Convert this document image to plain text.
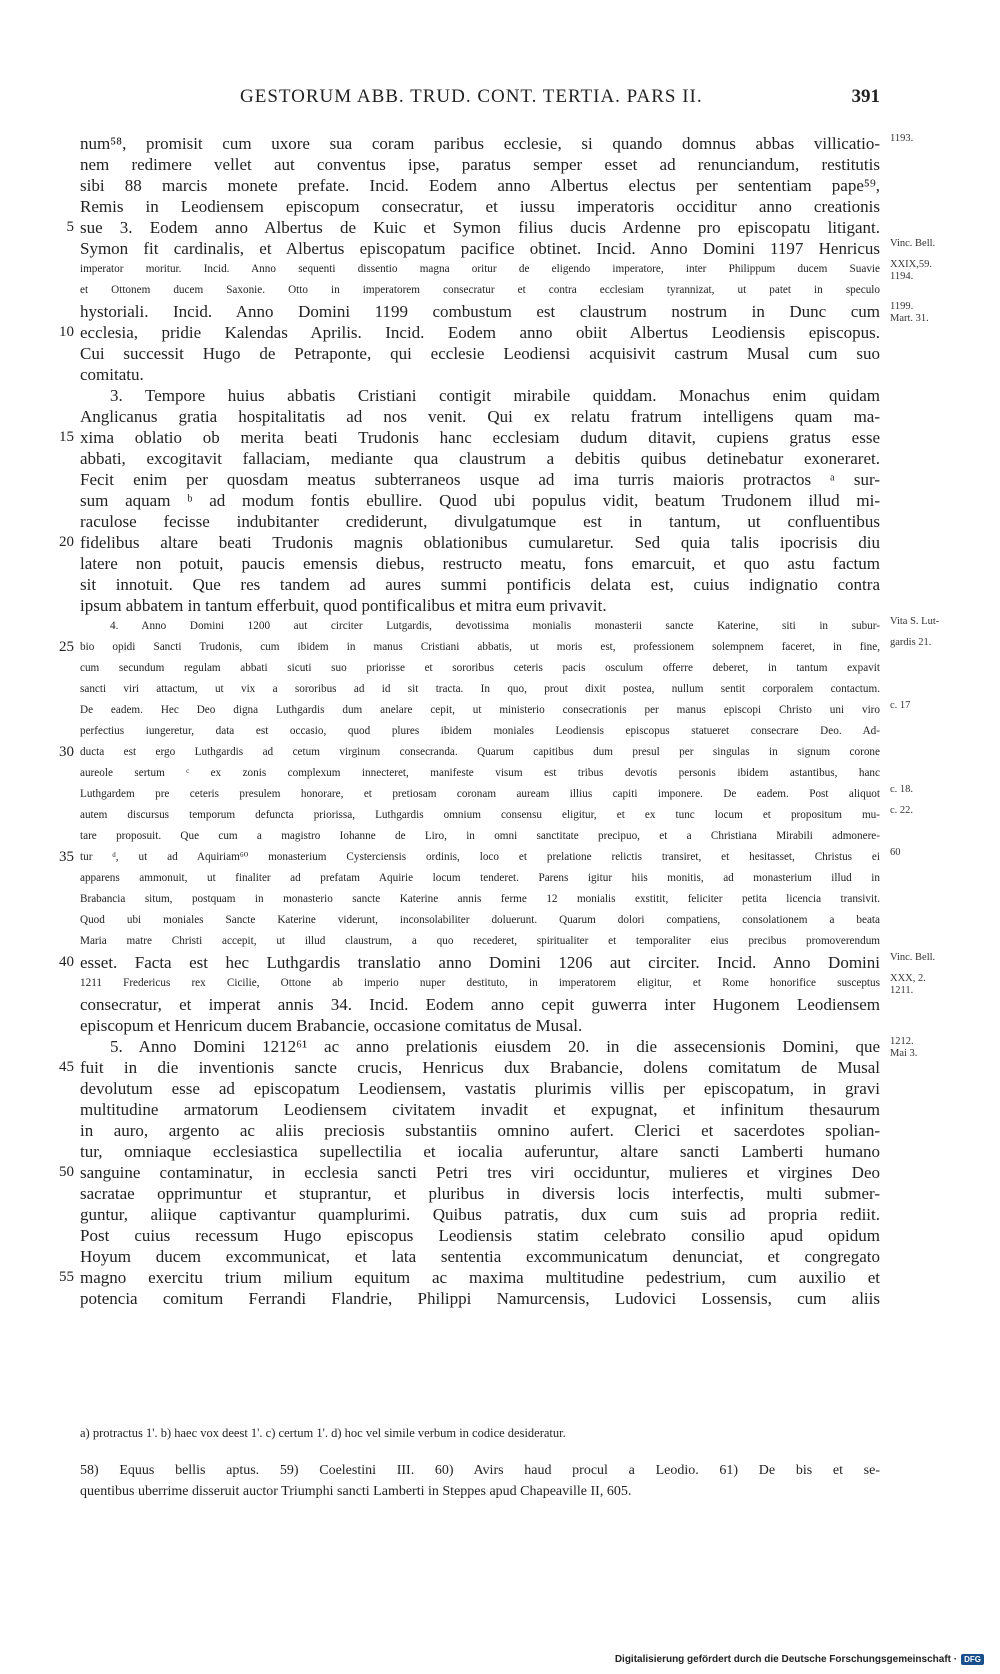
GESTORUM ABB. TRUD. CONT. TERTIA. PARS II.	391
num⁵⁸, promisit cum uxore sua coram paribus ecclesie, si quando domnus abbas villicatio- 1193.
nem redimere vellet aut conventus ipse, paratus semper esset ad renunciandum, restitutis
sibi 88 marcis monete prefate. Incid. Eodem anno Albertus electus per sententiam pape⁵⁹,
Remis in Leodiensem episcopum consecratur, et iussu imperatoris occiditur anno creationis
sue 3. Eodem anno Albertus de Kuic et Symon filius ducis Ardenne pro episcopatu litigant.
5
Symon fit cardinalis, et Albertus episcopatum pacifice obtinet. Incid. Anno Domini 1197 Henricus Vinc. Bell.
imperator moritur. Incid. Anno sequenti dissentio magna oritur de eligendo imperatore, inter Philippum ducem Suavie XXIX,59.
1194.
et Ottonem ducem Saxonie. Otto in imperatorem consecratur et contra ecclesiam tyrannizat, ut patet in speculo
hystoriali. Incid. Anno Domini 1199 combustum est claustrum nostrum in Dunc cum 1199.
Mart. 31.
ecclesia, pridie Kalendas Aprilis. Incid. Eodem anno obiit Albertus Leodiensis episcopus.
10
Cui successit Hugo de Petraponte, qui ecclesie Leodiensi acquisivit castrum Musal cum suo
comitatu.
3. Tempore huius abbatis Cristiani contigit mirabile quiddam. Monachus enim quidam
Anglicanus gratia hospitalitatis ad nos venit. Qui ex relatu fratrum intelligens quam ma-
xima oblatio ob merita beati Trudonis hanc ecclesiam dudum ditavit, cupiens gratus esse
15
abbati, excogitavit fallaciam, mediante qua claustrum a debitis quibus detinebatur exoneraret.
Fecit enim per quosdam meatus subterraneos usque ad ima turris maioris protractos ᵃ sur-
sum aquam ᵇ ad modum fontis ebullire. Quod ubi populus vidit, beatum Trudonem illud mi-
raculose fecisse indubitanter crediderunt, divulgatumque est in tantum, ut confluentibus
fidelibus altare beati Trudonis magnis oblationibus cumularetur. Sed quia talis ipocrisis diu
20
latere non potuit, paucis emensis diebus, restructo meatu, fons emarcuit, et quo astu factum
sit innotuit. Que res tandem ad aures summi pontificis delata est, cuius indignatio contra
ipsum abbatem in tantum efferbuit, quod pontificalibus et mitra eum privavit.
4. Anno Domini 1200 aut circiter Lutgardis, devotissima monialis monasterii sancte Katerine, siti in subur- Vita S. Lut-
bio opidi Sancti Trudonis, cum ibidem in manus Cristiani abbatis, ut moris est, professionem solempnem faceret, in fine,
25	gardis 21.
cum secundum regulam abbati sicuti suo priorisse et sororibus ceteris pacis osculum offerre deberet, in tantum expavit
sancti viri attactum, ut vix a sororibus ad id sit tracta. In quo, prout dixit postea, nullum sentit corporalem contactum.
De eadem. Hec Deo digna Luthgardis dum anelare cepit, ut ministerio consecrationis per manus episcopi Christo uni viro c. 17
perfectius iungeretur, data est occasio, quod plures ibidem moniales Leodiensis episcopus statueret consecrare Deo. Ad-
ducta est ergo Luthgardis ad cetum virginum consecranda. Quarum capitibus dum presul per singulas in signum corone
30
aureole sertum ᶜ ex zonis complexum innecteret, manifeste visum est tribus devotis personis ibidem astantibus, hanc
Luthgardem pre ceteris presulem honorare, et pretiosam coronam auream illius capiti imponere. De eadem. Post aliquot c. 18.
autem discursus temporum defuncta priorissa, Luthgardis omnium consensu eligitur, et ex tunc locum et propositum mu- c. 22.
tare proposuit. Que cum a magistro Iohanne de Liro, in omni sanctitate precipuo, et a Christiana Mirabili admonere-
tur ᵈ, ut ad Aquiriam⁶⁰ monasterium Cysterciensis ordinis, loco et prelatione relictis transiret, et hesitasset, Christus ei
35	60
apparens ammonuit, ut finaliter ad prefatam Aquirie locum tenderet. Parens igitur hiis monitis, ad monasterium illud in
Brabancia situm, postquam in monasterio sancte Katerine annis ferme 12 monialis exstitit, feliciter petita licencia transivit.
Quod ubi moniales Sancte Katerine viderunt, inconsolabiliter doluerunt. Quarum dolori compatiens, consolationem a beata
Maria matre Christi accepit, ut illud claustrum, a quo recederet, spiritualiter et temporaliter eius precibus promoverendum
esset. Facta est hec Luthgardis translatio anno Domini 1206 aut circiter. Incid. Anno Domini
40	Vinc. Bell.
1211 Fredericus rex Cicilie, Ottone ab imperio nuper destituto, in imperatorem eligitur, et Rome honorifice susceptus XXX, 2.
1211.
consecratur, et imperat annis 34. Incid. Eodem anno cepit guwerra inter Hugonem Leodiensem
episcopum et Henricum ducem Brabancie, occasione comitatus de Musal.
5. Anno Domini 1212⁶¹ ac anno prelationis eiusdem 20. in die assecensionis Domini, que 1212.
Mai 3.
fuit in die inventionis sancte crucis, Henricus dux Brabancie, dolens comitatum de Musal
45
devolutum esse ad episcopatum Leodiensem, vastatis plurimis villis per episcopatum, in gravi
multitudine armatorum Leodiensem civitatem invadit et expugnat, et infinitum thesaurum
in auro, argento ac aliis preciosis substantiis omnino aufert. Clerici et sacerdotes spolian-
tur, omniaque ecclesiastica supellectilia et iocalia auferuntur, altare sancti Lamberti humano
sanguine contaminatur, in ecclesia sancti Petri tres viri occiduntur, mulieres et virgines Deo
50
sacratae opprimuntur et stuprantur, et pluribus in diversis locis interfectis, multi submer-
guntur, aliique captivantur quamplurimi. Quibus patratis, dux cum suis ad propria rediit.
Post cuius recessum Hugo episcopus Leodiensis statim celebrato consilio apud opidum
Hoyum ducem excommunicat, et lata sententia excommunicatum denunciat, et congregato
magno exercitu trium milium equitum ac maxima multitudine pedestrium, cum auxilio et
55
potencia comitum Ferrandi Flandrie, Philippi Namurcensis, Ludovici Lossensis, cum aliis
a) protractus 1'. b) haec vox deest 1'. c) certum 1'. d) hoc vel simile verbum in codice desideratur.
58) Equus bellis aptus. 59) Coelestini III. 60) Avirs haud procul a Leodio. 61) De bis et se-
quentibus uberrime disseruit auctor Triumphi sancti Lamberti in Steppes apud Chapeaville II, 605.
Digitalisierung gefördert durch die Deutsche Forschungsgemeinschaft · DFG
